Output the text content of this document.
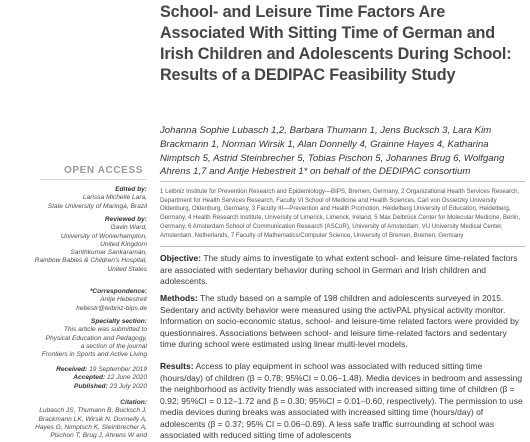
School- and Leisure Time Factors Are Associated With Sitting Time of German and Irish Children and Adolescents During School: Results of a DEDIPAC Feasibility Study

Johanna Sophie Lubasch 1,2, Barbara Thumann 1, Jens Bucksch 3, Lara Kim Brackmann 1, Norman Wirsik 1, Alan Donnelly 4, Grainne Hayes 4, Katharina Nimptsch 5, Astrid Steinbrecher 5, Tobias Pischon 5, Johannes Brug 6, Wolfgang Ahrens 1,7 and Antje Hebestreit 1* on behalf of the DEDIPAC consortium

1 Leibniz Institute for Prevention Research and Epidemiology—BIPS, Bremen, Germany, 2 Organizational Health Services Research, Department for Health Services Research, Faculty VI School of Medicine and Health Sciences, Carl von Ossietzky University Oldenburg, Oldenburg, Germany, 3 Faculty III—Prevention and Health Promotion, Heidelberg University of Education, Heidelberg, Germany, 4 Health Research Institute, University of Limerick, Limerick, Ireland, 5 Max Delbrück Center for Molecular Medicine, Berlin, Germany, 6 Amsterdam School of Communication Research (ASCoR), University of Amsterdam, VU University Medical Center, Amsterdam, Netherlands, 7 Faculty of Mathematics/Computer Science, University of Bremen, Bremen, Germany

OPEN ACCESS
Edited by:
Larissa Michelle Lara,
State University of Maringá, Brazil
Reviewed by:
Gavin Ward,
University of Wolverhampton,
United Kingdom
Santhkumar Sankaraman,
Rainbow Babies & Children's Hospital,
United States
*Correspondence:
Antje Hebestreit
hebestr@leibniz-bips.de
Specialty section:
This article was submitted to
Physical Education and Pedagogy,
a section of the journal
Frontiers in Sports and Active Living
Received: 19 September 2019
Accepted: 12 June 2020
Published: 23 July 2020
Citation:
Lubasch JS, Thumann B, Bucksch J,
Brackmann LK, Wirsik N, Donnelly A,
Hayes G, Nimptsch K, Steinbrecher A,
Pischon T, Brug J, Ahrens W and

Objective: The study aims to investigate to what extent school- and leisure time-related factors are associated with sedentary behavior during school in German and Irish children and adolescents.

Methods: The study based on a sample of 198 children and adolescents surveyed in 2015. Sedentary and activity behavior were measured using the activPAL physical activity monitor. Information on socio-economic status, school- and leisure-time related factors were provided by questionnaires. Associations between school- and leisure time-related factors and sedentary time during school were estimated using linear multi-level models.

Results: Access to play equipment in school was associated with reduced sitting time (hours/day) of children (β = 0.78; 95%CI = 0.06–1.48). Media devices in bedroom and assessing the neighborhood as activity friendly was associated with increased sitting time of children (β = 0.92; 95%CI = 0.12–1.72 and β = 0.30; 95%CI = 0.01–0.60, respectively). The permission to use media devices during breaks was associated with increased sitting time (hours/day) of adolescents (β = 0.37; 95% CI = 0.06–0.69). A less safe traffic surrounding at school was associated with reduced sitting time of adolescents
